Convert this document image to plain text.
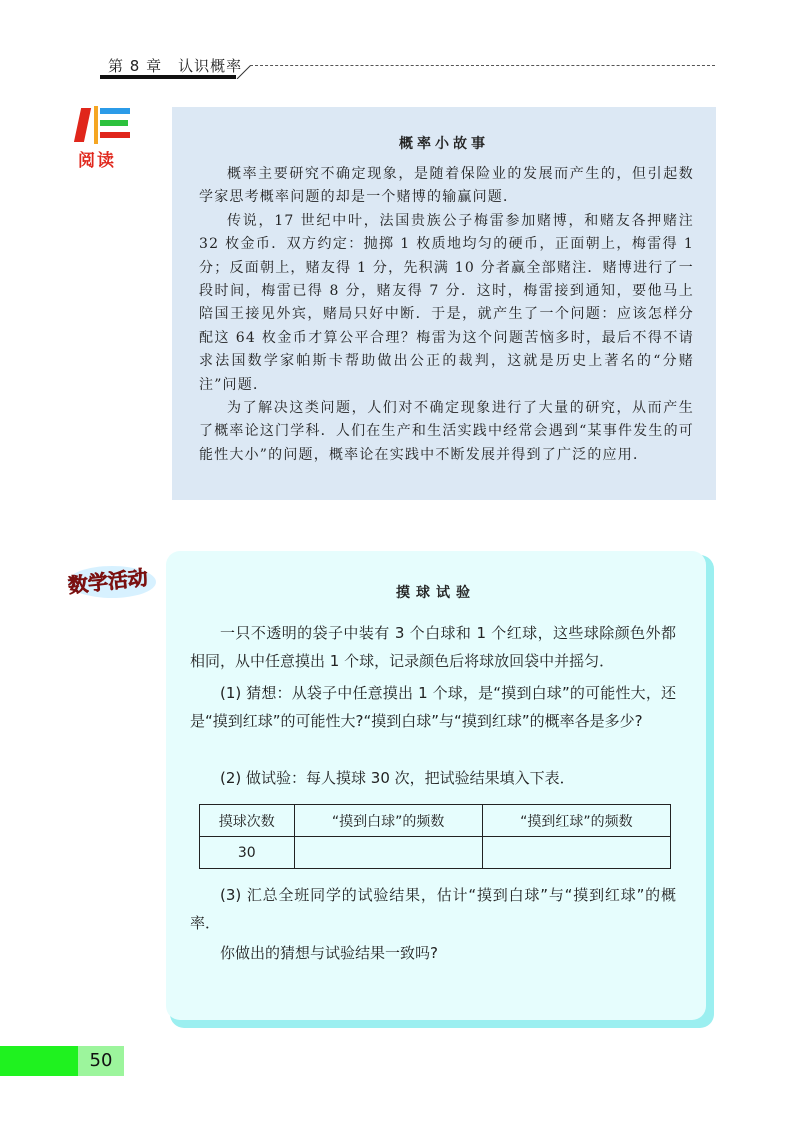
第 8 章　认识概率
阅读
概率小故事

概率主要研究不确定现象，是随着保险业的发展而产生的，但引起数学家思考概率问题的却是一个赌博的输赢问题．

传说，17 世纪中叶，法国贵族公子梅雷参加赌博，和赌友各押赌注 32 枚金币．双方约定：抛掷 1 枚质地均匀的硬币，正面朝上，梅雷得 1 分；反面朝上，赌友得 1 分，先积满 10 分者赢全部赌注．赌博进行了一段时间，梅雷已得 8 分，赌友得 7 分．这时，梅雷接到通知，要他马上陪国王接见外宾，赌局只好中断．于是，就产生了一个问题：应该怎样分配这 64 枚金币才算公平合理？梅雷为这个问题苦恼多时，最后不得不请求法国数学家帕斯卡帮助做出公正的裁判，这就是历史上著名的“分赌注”问题．

为了解决这类问题，人们对不确定现象进行了大量的研究，从而产生了概率论这门学科．人们在生产和生活实践中经常会遇到“某事件发生的可能性大小”的问题，概率论在实践中不断发展并得到了广泛的应用．

数学活动	摸球试验

一只不透明的袋子中装有 3 个白球和 1 个红球，这些球除颜色外都相同，从中任意摸出 1 个球，记录颜色后将球放回袋中并摇匀．

(1) 猜想：从袋子中任意摸出 1 个球，是“摸到白球”的可能性大，还是“摸到红球”的可能性大?“摸到白球”与“摸到红球”的概率各是多少?

(2) 做试验：每人摸球 30 次，把试验结果填入下表．

摸球次数	“摸到白球”的频数	“摸到红球”的频数
30		

(3) 汇总全班同学的试验结果，估计“摸到白球”与“摸到红球”的概率．

你做出的猜想与试验结果一致吗?

50
